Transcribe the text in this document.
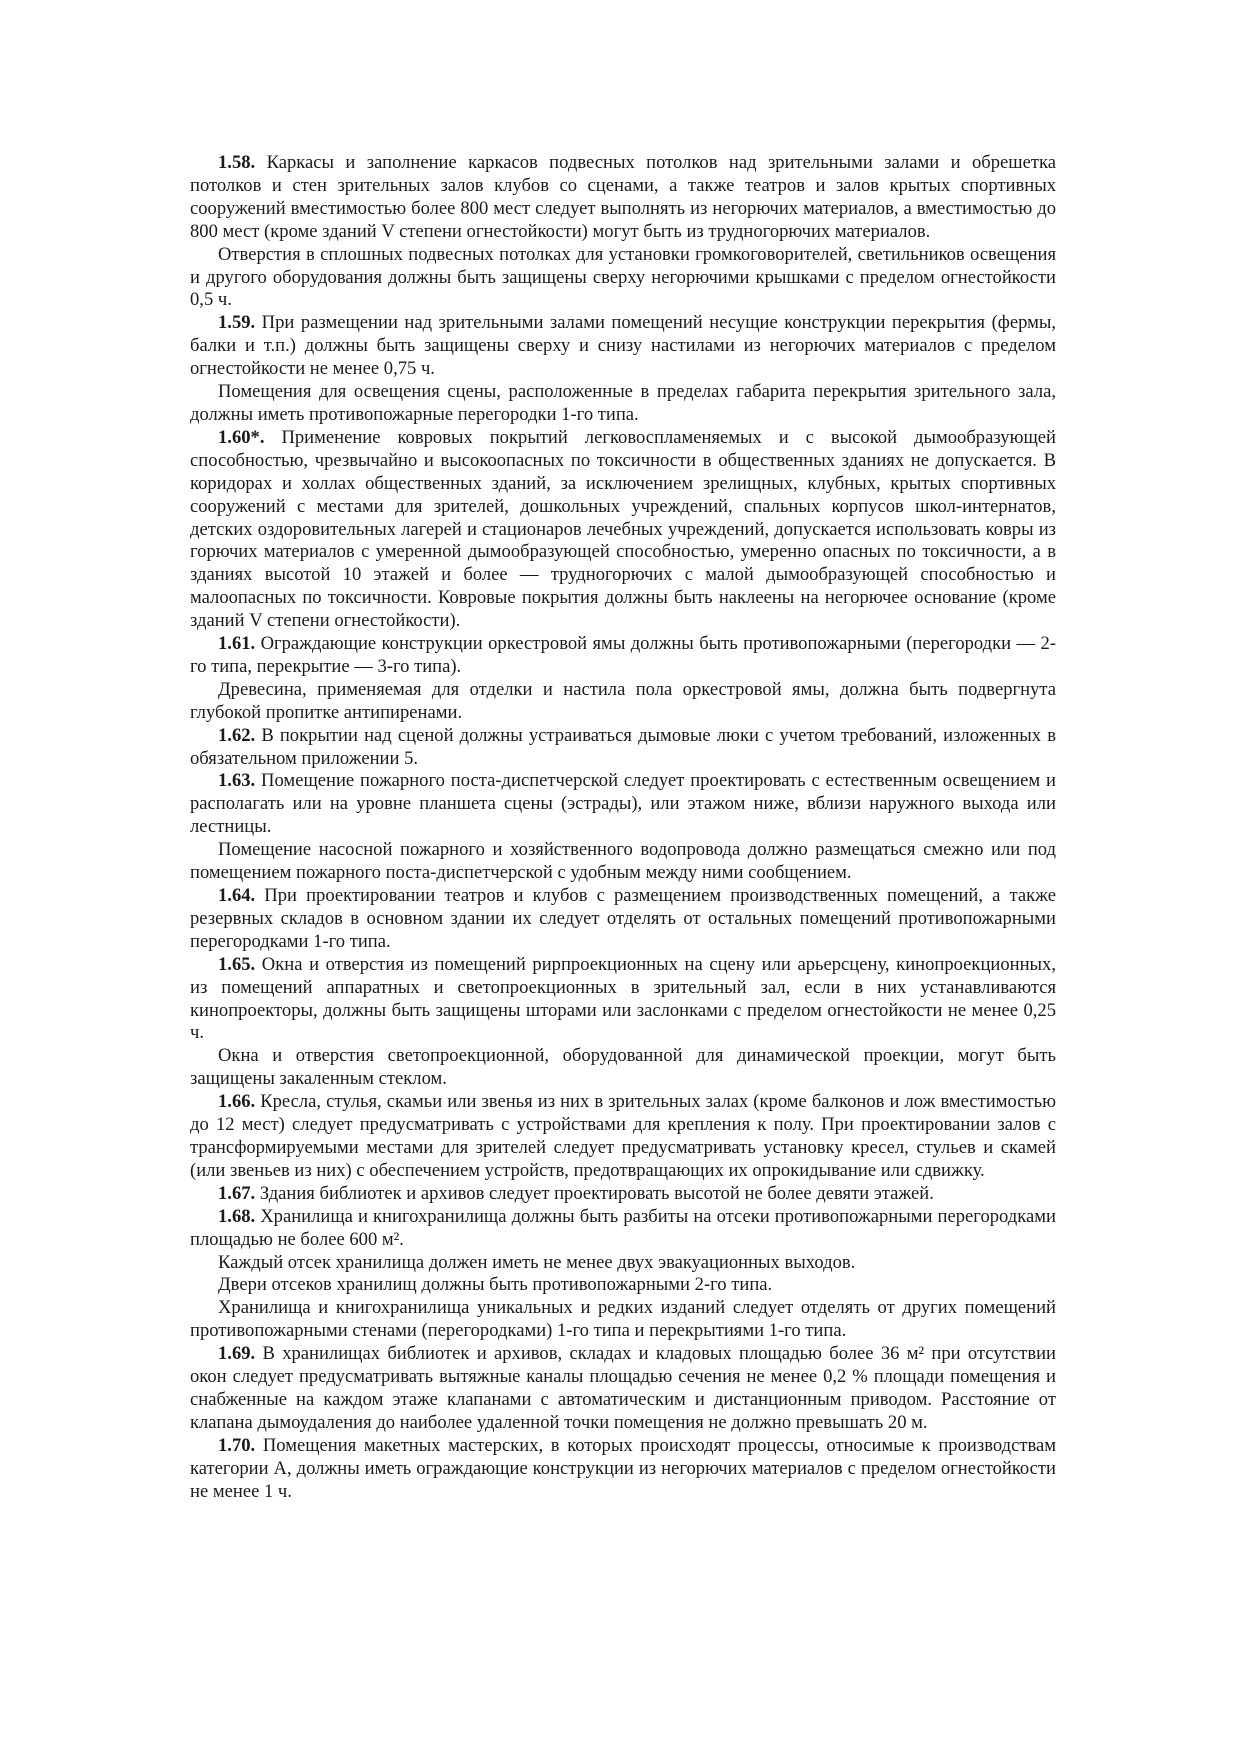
1.58. Каркасы и заполнение каркасов подвесных потолков над зрительными залами и обрешетка потолков и стен зрительных залов клубов со сценами, а также театров и залов крытых спортивных сооружений вместимостью более 800 мест следует выполнять из негорючих материалов, а вместимостью до 800 мест (кроме зданий V степени огнестойкости) могут быть из трудногорючих материалов.

Отверстия в сплошных подвесных потолках для установки громкоговорителей, светильников освещения и другого оборудования должны быть защищены сверху негорючими крышками с пределом огнестойкости 0,5 ч.

1.59. При размещении над зрительными залами помещений несущие конструкции перекрытия (фермы, балки и т.п.) должны быть защищены сверху и снизу настилами из негорючих материалов с пределом огнестойкости не менее 0,75 ч.

Помещения для освещения сцены, расположенные в пределах габарита перекрытия зрительного зала, должны иметь противопожарные перегородки 1-го типа.

1.60*. Применение ковровых покрытий легковоспламеняемых и с высокой дымообразующей способностью, чрезвычайно и высокоопасных по токсичности в общественных зданиях не допускается. В коридорах и холлах общественных зданий, за исключением зрелищных, клубных, крытых спортивных сооружений с местами для зрителей, дошкольных учреждений, спальных корпусов школ-интернатов, детских оздоровительных лагерей и стационаров лечебных учреждений, допускается использовать ковры из горючих материалов с умеренной дымообразующей способностью, умеренно опасных по токсичности, а в зданиях высотой 10 этажей и более — трудногорючих с малой дымообразующей способностью и малоопасных по токсичности. Ковровые покрытия должны быть наклеены на негорючее основание (кроме зданий V степени огнестойкости).

1.61. Ограждающие конструкции оркестровой ямы должны быть противопожарными (перегородки — 2-го типа, перекрытие — 3-го типа).

Древесина, применяемая для отделки и настила пола оркестровой ямы, должна быть подвергнута глубокой пропитке антипиренами.

1.62. В покрытии над сценой должны устраиваться дымовые люки с учетом требований, изложенных в обязательном приложении 5.

1.63. Помещение пожарного поста-диспетчерской следует проектировать с естественным освещением и располагать или на уровне планшета сцены (эстрады), или этажом ниже, вблизи наружного выхода или лестницы.

Помещение насосной пожарного и хозяйственного водопровода должно размещаться смежно или под помещением пожарного поста-диспетчерской с удобным между ними сообщением.

1.64. При проектировании театров и клубов с размещением производственных помещений, а также резервных складов в основном здании их следует отделять от остальных помещений противопожарными перегородками 1-го типа.

1.65. Окна и отверстия из помещений рирпроекционных на сцену или арьерсцену, кинопроекционных, из помещений аппаратных и светопроекционных в зрительный зал, если в них устанавливаются кинопроекторы, должны быть защищены шторами или заслонками с пределом огнестойкости не менее 0,25 ч.

Окна и отверстия светопроекционной, оборудованной для динамической проекции, могут быть защищены закаленным стеклом.

1.66. Кресла, стулья, скамьи или звенья из них в зрительных залах (кроме балконов и лож вместимостью до 12 мест) следует предусматривать с устройствами для крепления к полу. При проектировании залов с трансформируемыми местами для зрителей следует предусматривать установку кресел, стульев и скамей (или звеньев из них) с обеспечением устройств, предотвращающих их опрокидывание или сдвижку.

1.67. Здания библиотек и архивов следует проектировать высотой не более девяти этажей.

1.68. Хранилища и книгохранилища должны быть разбиты на отсеки противопожарными перегородками площадью не более 600 м².

Каждый отсек хранилища должен иметь не менее двух эвакуационных выходов.

Двери отсеков хранилищ должны быть противопожарными 2-го типа.

Хранилища и книгохранилища уникальных и редких изданий следует отделять от других помещений противопожарными стенами (перегородками) 1-го типа и перекрытиями 1-го типа.

1.69. В хранилищах библиотек и архивов, складах и кладовых площадью более 36 м² при отсутствии окон следует предусматривать вытяжные каналы площадью сечения не менее 0,2 % площади помещения и снабженные на каждом этаже клапанами с автоматическим и дистанционным приводом. Расстояние от клапана дымоудаления до наиболее удаленной точки помещения не должно превышать 20 м.

1.70. Помещения макетных мастерских, в которых происходят процессы, относимые к производствам категории А, должны иметь ограждающие конструкции из негорючих материалов с пределом огнестойкости не менее 1 ч.
